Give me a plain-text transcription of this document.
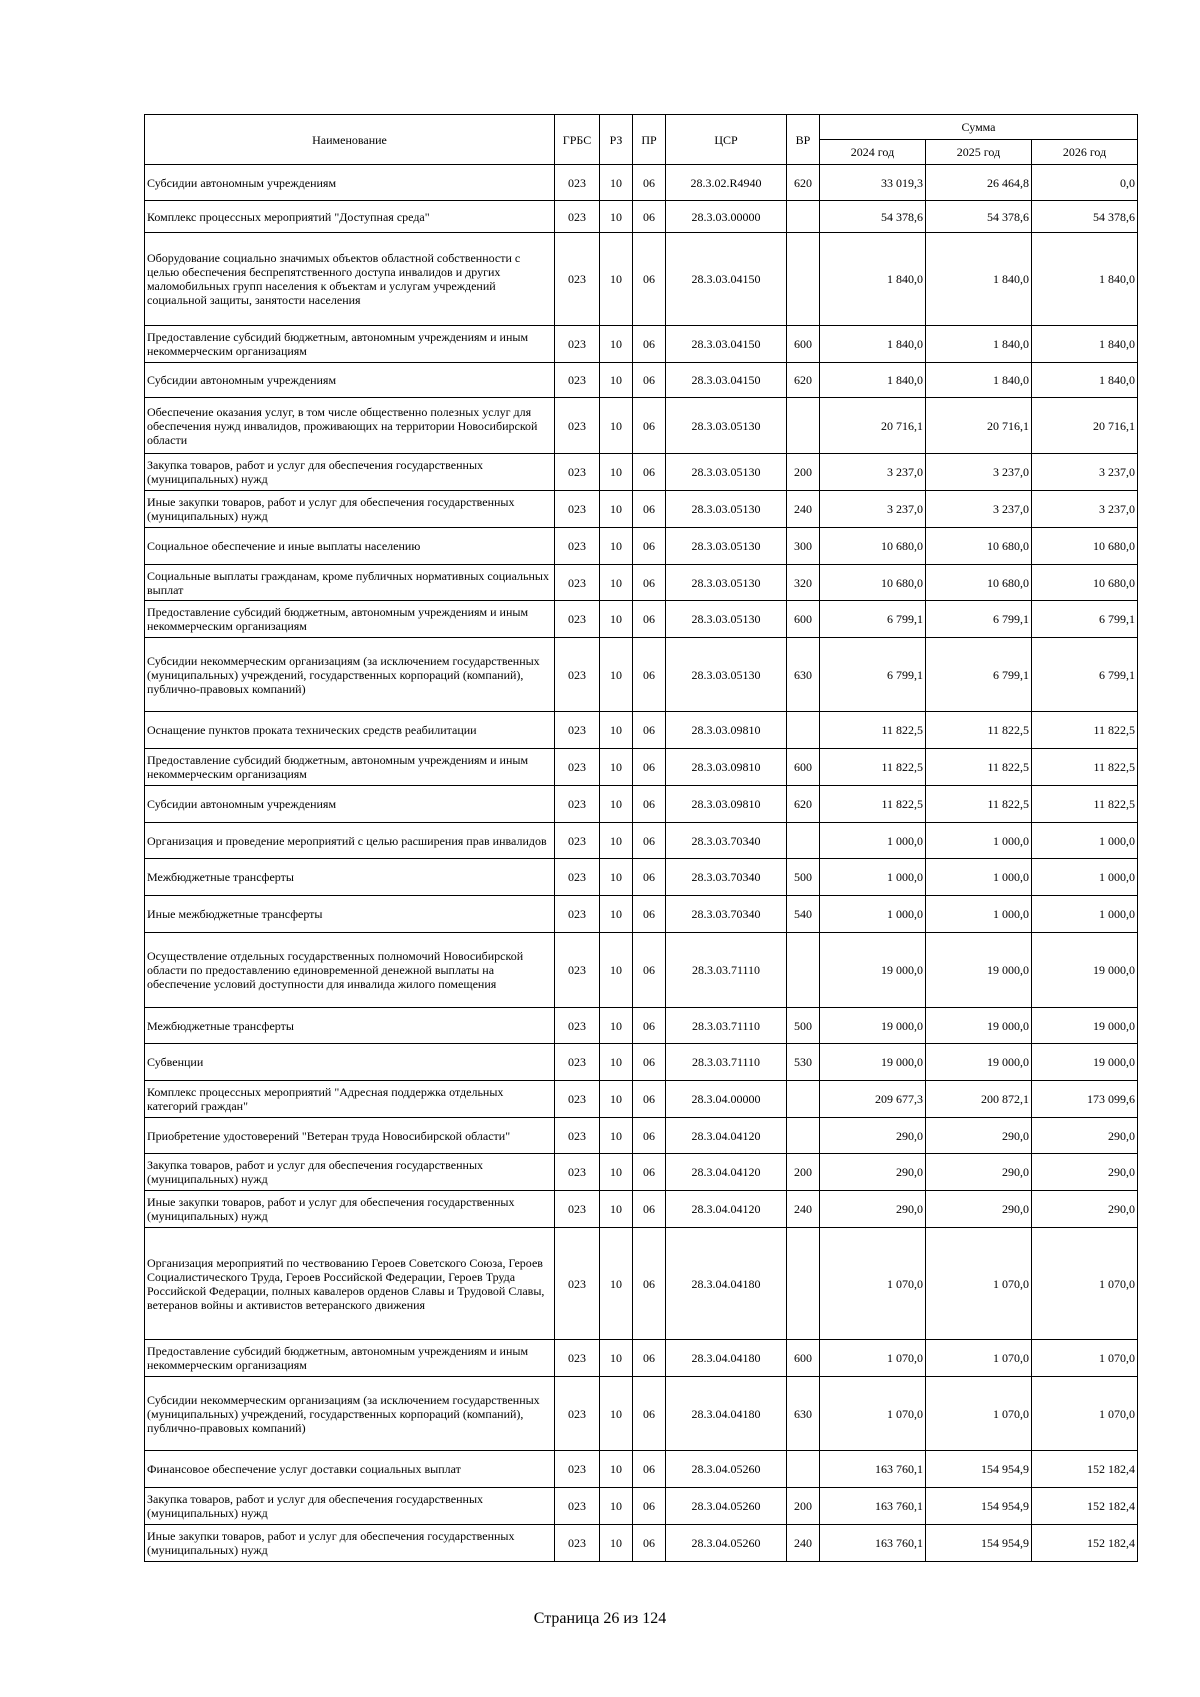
Наименование	ГРБС	РЗ	ПР	ЦСР	ВР	Сумма		
						2024 год	2025 год	2026 год
Субсидии автономным учреждениям	023	10	06	28.3.02.R4940	620	33 019,3	26 464,8	0,0
Комплекс процессных мероприятий "Доступная среда"	023	10	06	28.3.03.00000		54 378,6	54 378,6	54 378,6
Оборудование социально значимых объектов областной собственности с целью обеспечения беспрепятственного доступа инвалидов и других маломобильных групп населения к объектам и услугам учреждений социальной защиты, занятости населения	023	10	06	28.3.03.04150		1 840,0	1 840,0	1 840,0
Предоставление субсидий бюджетным, автономным учреждениям и иным некоммерческим организациям	023	10	06	28.3.03.04150	600	1 840,0	1 840,0	1 840,0
Субсидии автономным учреждениям	023	10	06	28.3.03.04150	620	1 840,0	1 840,0	1 840,0
Обеспечение оказания услуг, в том числе общественно полезных услуг для обеспечения нужд инвалидов, проживающих на территории Новосибирской области	023	10	06	28.3.03.05130		20 716,1	20 716,1	20 716,1
Закупка товаров, работ и услуг для обеспечения государственных (муниципальных) нужд	023	10	06	28.3.03.05130	200	3 237,0	3 237,0	3 237,0
Иные закупки товаров, работ и услуг для обеспечения государственных (муниципальных) нужд	023	10	06	28.3.03.05130	240	3 237,0	3 237,0	3 237,0
Социальное обеспечение и иные выплаты населению	023	10	06	28.3.03.05130	300	10 680,0	10 680,0	10 680,0
Социальные выплаты гражданам, кроме публичных нормативных социальных выплат	023	10	06	28.3.03.05130	320	10 680,0	10 680,0	10 680,0
Предоставление субсидий бюджетным, автономным учреждениям и иным некоммерческим организациям	023	10	06	28.3.03.05130	600	6 799,1	6 799,1	6 799,1
Субсидии некоммерческим организациям (за исключением государственных (муниципальных) учреждений, государственных корпораций (компаний), публично-правовых компаний)	023	10	06	28.3.03.05130	630	6 799,1	6 799,1	6 799,1
Оснащение пунктов проката технических средств реабилитации	023	10	06	28.3.03.09810		11 822,5	11 822,5	11 822,5
Предоставление субсидий бюджетным, автономным учреждениям и иным некоммерческим организациям	023	10	06	28.3.03.09810	600	11 822,5	11 822,5	11 822,5
Субсидии автономным учреждениям	023	10	06	28.3.03.09810	620	11 822,5	11 822,5	11 822,5
Организация и проведение мероприятий с целью расширения прав инвалидов	023	10	06	28.3.03.70340		1 000,0	1 000,0	1 000,0
Межбюджетные трансферты	023	10	06	28.3.03.70340	500	1 000,0	1 000,0	1 000,0
Иные межбюджетные трансферты	023	10	06	28.3.03.70340	540	1 000,0	1 000,0	1 000,0
Осуществление отдельных государственных полномочий Новосибирской области по предоставлению единовременной денежной выплаты на обеспечение условий доступности для инвалида жилого помещения	023	10	06	28.3.03.71110		19 000,0	19 000,0	19 000,0
Межбюджетные трансферты	023	10	06	28.3.03.71110	500	19 000,0	19 000,0	19 000,0
Субвенции	023	10	06	28.3.03.71110	530	19 000,0	19 000,0	19 000,0
Комплекс процессных мероприятий "Адресная поддержка отдельных категорий граждан"	023	10	06	28.3.04.00000		209 677,3	200 872,1	173 099,6
Приобретение удостоверений "Ветеран труда Новосибирской области"	023	10	06	28.3.04.04120		290,0	290,0	290,0
Закупка товаров, работ и услуг для обеспечения государственных (муниципальных) нужд	023	10	06	28.3.04.04120	200	290,0	290,0	290,0
Иные закупки товаров, работ и услуг для обеспечения государственных (муниципальных) нужд	023	10	06	28.3.04.04120	240	290,0	290,0	290,0
Организация мероприятий по чествованию Героев Советского Союза, Героев Социалистического Труда, Героев Российской Федерации, Героев Труда Российской Федерации, полных кавалеров орденов Славы и Трудовой Славы, ветеранов войны и активистов ветеранского движения	023	10	06	28.3.04.04180		1 070,0	1 070,0	1 070,0
Предоставление субсидий бюджетным, автономным учреждениям и иным некоммерческим организациям	023	10	06	28.3.04.04180	600	1 070,0	1 070,0	1 070,0
Субсидии некоммерческим организациям (за исключением государственных (муниципальных) учреждений, государственных корпораций (компаний), публично-правовых компаний)	023	10	06	28.3.04.04180	630	1 070,0	1 070,0	1 070,0
Финансовое обеспечение услуг доставки социальных выплат	023	10	06	28.3.04.05260		163 760,1	154 954,9	152 182,4
Закупка товаров, работ и услуг для обеспечения государственных (муниципальных) нужд	023	10	06	28.3.04.05260	200	163 760,1	154 954,9	152 182,4
Иные закупки товаров, работ и услуг для обеспечения государственных (муниципальных) нужд	023	10	06	28.3.04.05260	240	163 760,1	154 954,9	152 182,4
Страница 26 из 124
